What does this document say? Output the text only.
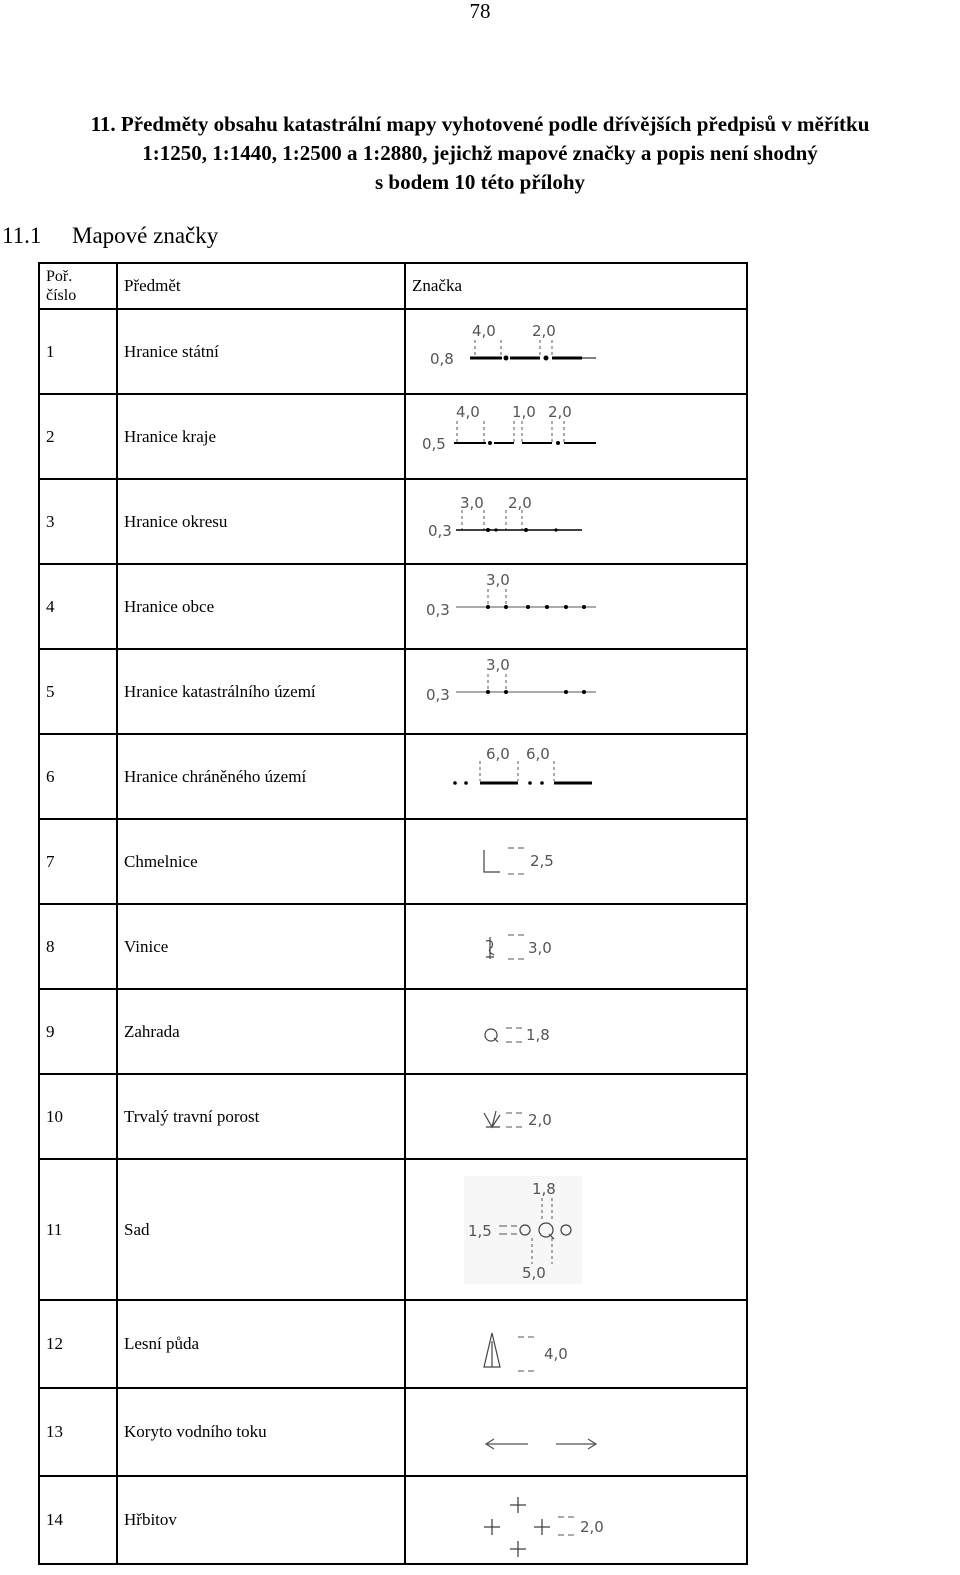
78
11. Předměty obsahu katastrální mapy vyhotovené podle dřívějších předpisů v měřítku
1:1250, 1:1440, 1:2500 a 1:2880, jejichž mapové značky a popis není shodný
s bodem 10 této přílohy
11.1 Mapové značky
Poř.
číslo	Předmět	Značka
1	Hranice státní	0,8
4,0 2,0

2	Hranice kraje	0,5
4,0 1,0 2,0

3	Hranice okresu	0,3
3,0 2,0

4	Hranice obce	0,3
3,0

5	Hranice katastrálního území	0,3
3,0

6	Hranice chráněného území	6,0 6,0

7	Chmelnice	2,5

8	Vinice	3,0

9	Zahrada	1,8

10	Trvalý travní porost	2,0

11	Sad	1,5
1,8
5,0

12	Lesní půda	4,0

13	Koryto vodního toku	

14	Hřbitov	2,0
